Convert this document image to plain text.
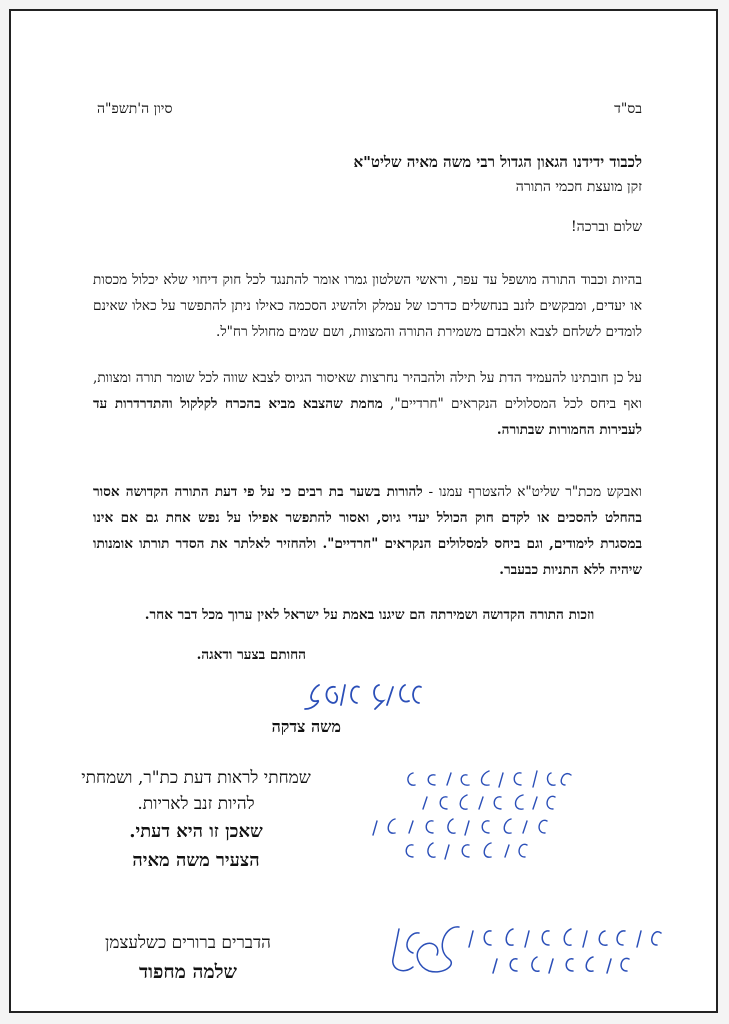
סיון ה'תשפ"ה	בס"ד
לכבוד ידידנו הגאון הגדול רבי משה מאיה שליט"א
זקן מועצת חכמי התורה
שלום וברכה!
בהיות וכבוד התורה מושפל עד עפר, וראשי השלטון גמרו אומר להתנגד לכל חוק דיחוי שלא יכלול מכסות או יעדים, ומבקשים לזנב בנחשלים כדרכו של עמלק ולהשיג הסכמה כאילו ניתן להתפשר על כאלו שאינם לומדים לשלחם לצבא ולאבדם משמירת התורה והמצוות, ושם שמים מחולל רח"ל.
על כן חובתינו להעמיד הדת על תילה ולהבהיר נחרצות שאיסור הגיוס לצבא שווה לכל שומר תורה ומצוות, ואף ביחס לכל המסלולים הנקראים "חרדיים", מחמת שהצבא מביא בהכרח לקלקול והתדרדרות עד לעבירות החמורות שבתורה.
ואבקש מכת"ר שליט"א להצטרף עמנו - להורות בשער בת רבים כי על פי דעת התורה הקדושה אסור בהחלט להסכים או לקדם חוק הכולל יעדי גיוס, ואסור להתפשר אפילו על נפש אחת גם אם אינו במסגרת לימודים, וגם ביחס למסלולים הנקראים "חרדיים". ולהחזיר לאלתר את הסדר תורתו אומנותו שיהיה ללא התניות כבעבר.
וזכות התורה הקדושה ושמירתה הם שיגנו באמת על ישראל לאין ערוך מכל דבר אחר.
החותם בצער ודאגה.
משה צדקה
שמחתי לראות דעת כת"ר, ושמחתי
להיות זנב לאריות.
שאכן זו היא דעתי.
הצעיר משה מאיה
הדברים ברורים כשלעצמן
שלמה מחפוד
